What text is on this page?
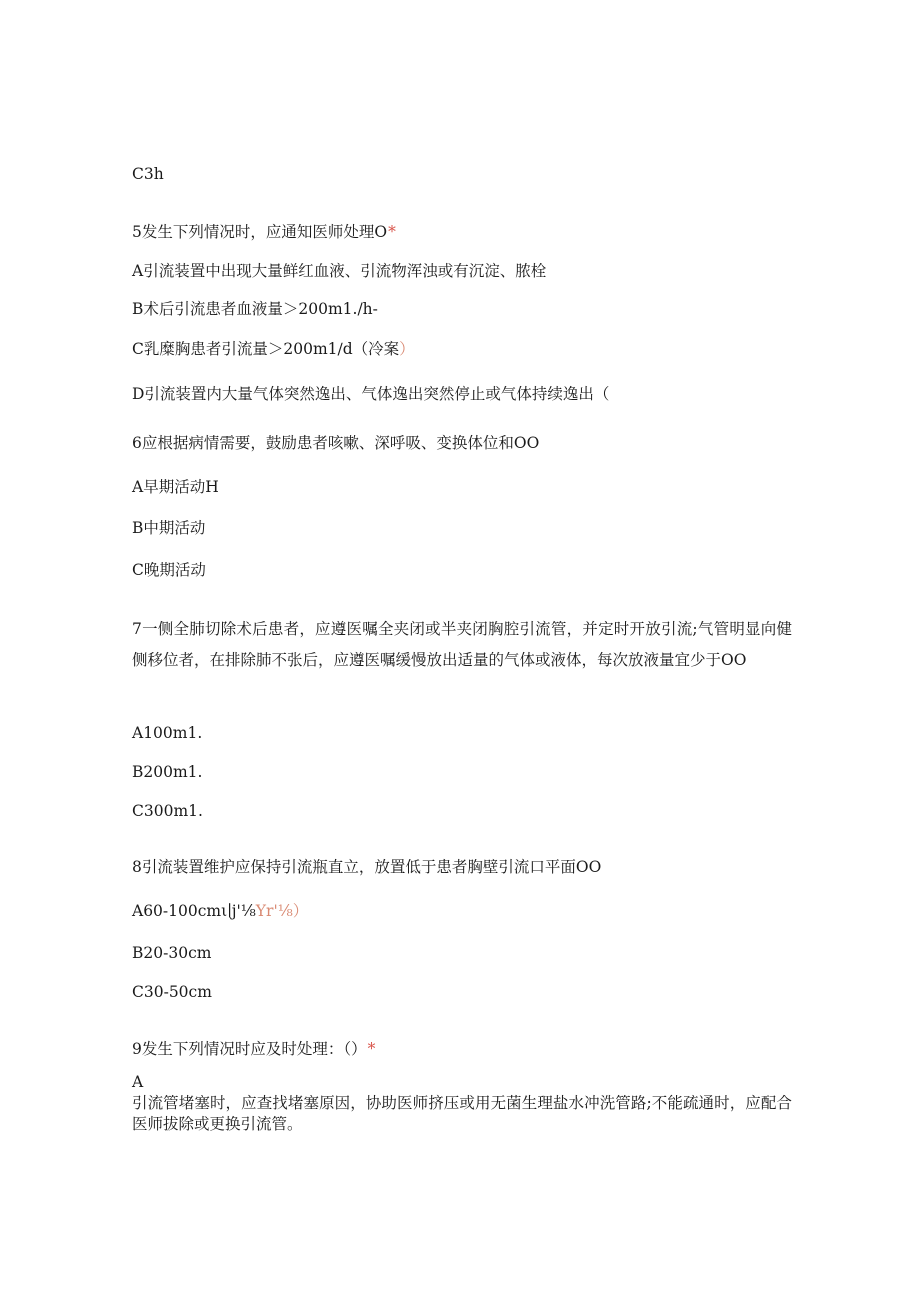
C3h
5发生下列情况时，应通知医师处理O*
A引流装置中出现大量鲜红血液、引流物浑浊或有沉淀、脓栓
B术后引流患者血液量＞200m1./h-
C乳糜胸患者引流量＞200m1∕d（冷案）
D引流装置内大量气体突然逸出、气体逸出突然停止或气体持续逸出（
6应根据病情需要，鼓励患者咳嗽、深呼吸、变换体位和OO
A早期活动H
B中期活动
C晚期活动
7一侧全肺切除术后患者，应遵医嘱全夹闭或半夹闭胸腔引流管，并定时开放引流;气管明显向健侧移位者，在排除肺不张后，应遵医嘱缓慢放出适量的气体或液体，每次放液量宜少于OO
A100m1.
B200m1.
C300m1.
8引流装置维护应保持引流瓶直立，放置低于患者胸壁引流口平面OO
A60-100cmι∣j'⅛Yr'⅛）
B20-30cm
C30-50cm
9发生下列情况时应及时处理：（）*
A
引流管堵塞时，应查找堵塞原因，协助医师挤压或用无菌生理盐水冲洗管路;不能疏通时，应配合医师拔除或更换引流管。
